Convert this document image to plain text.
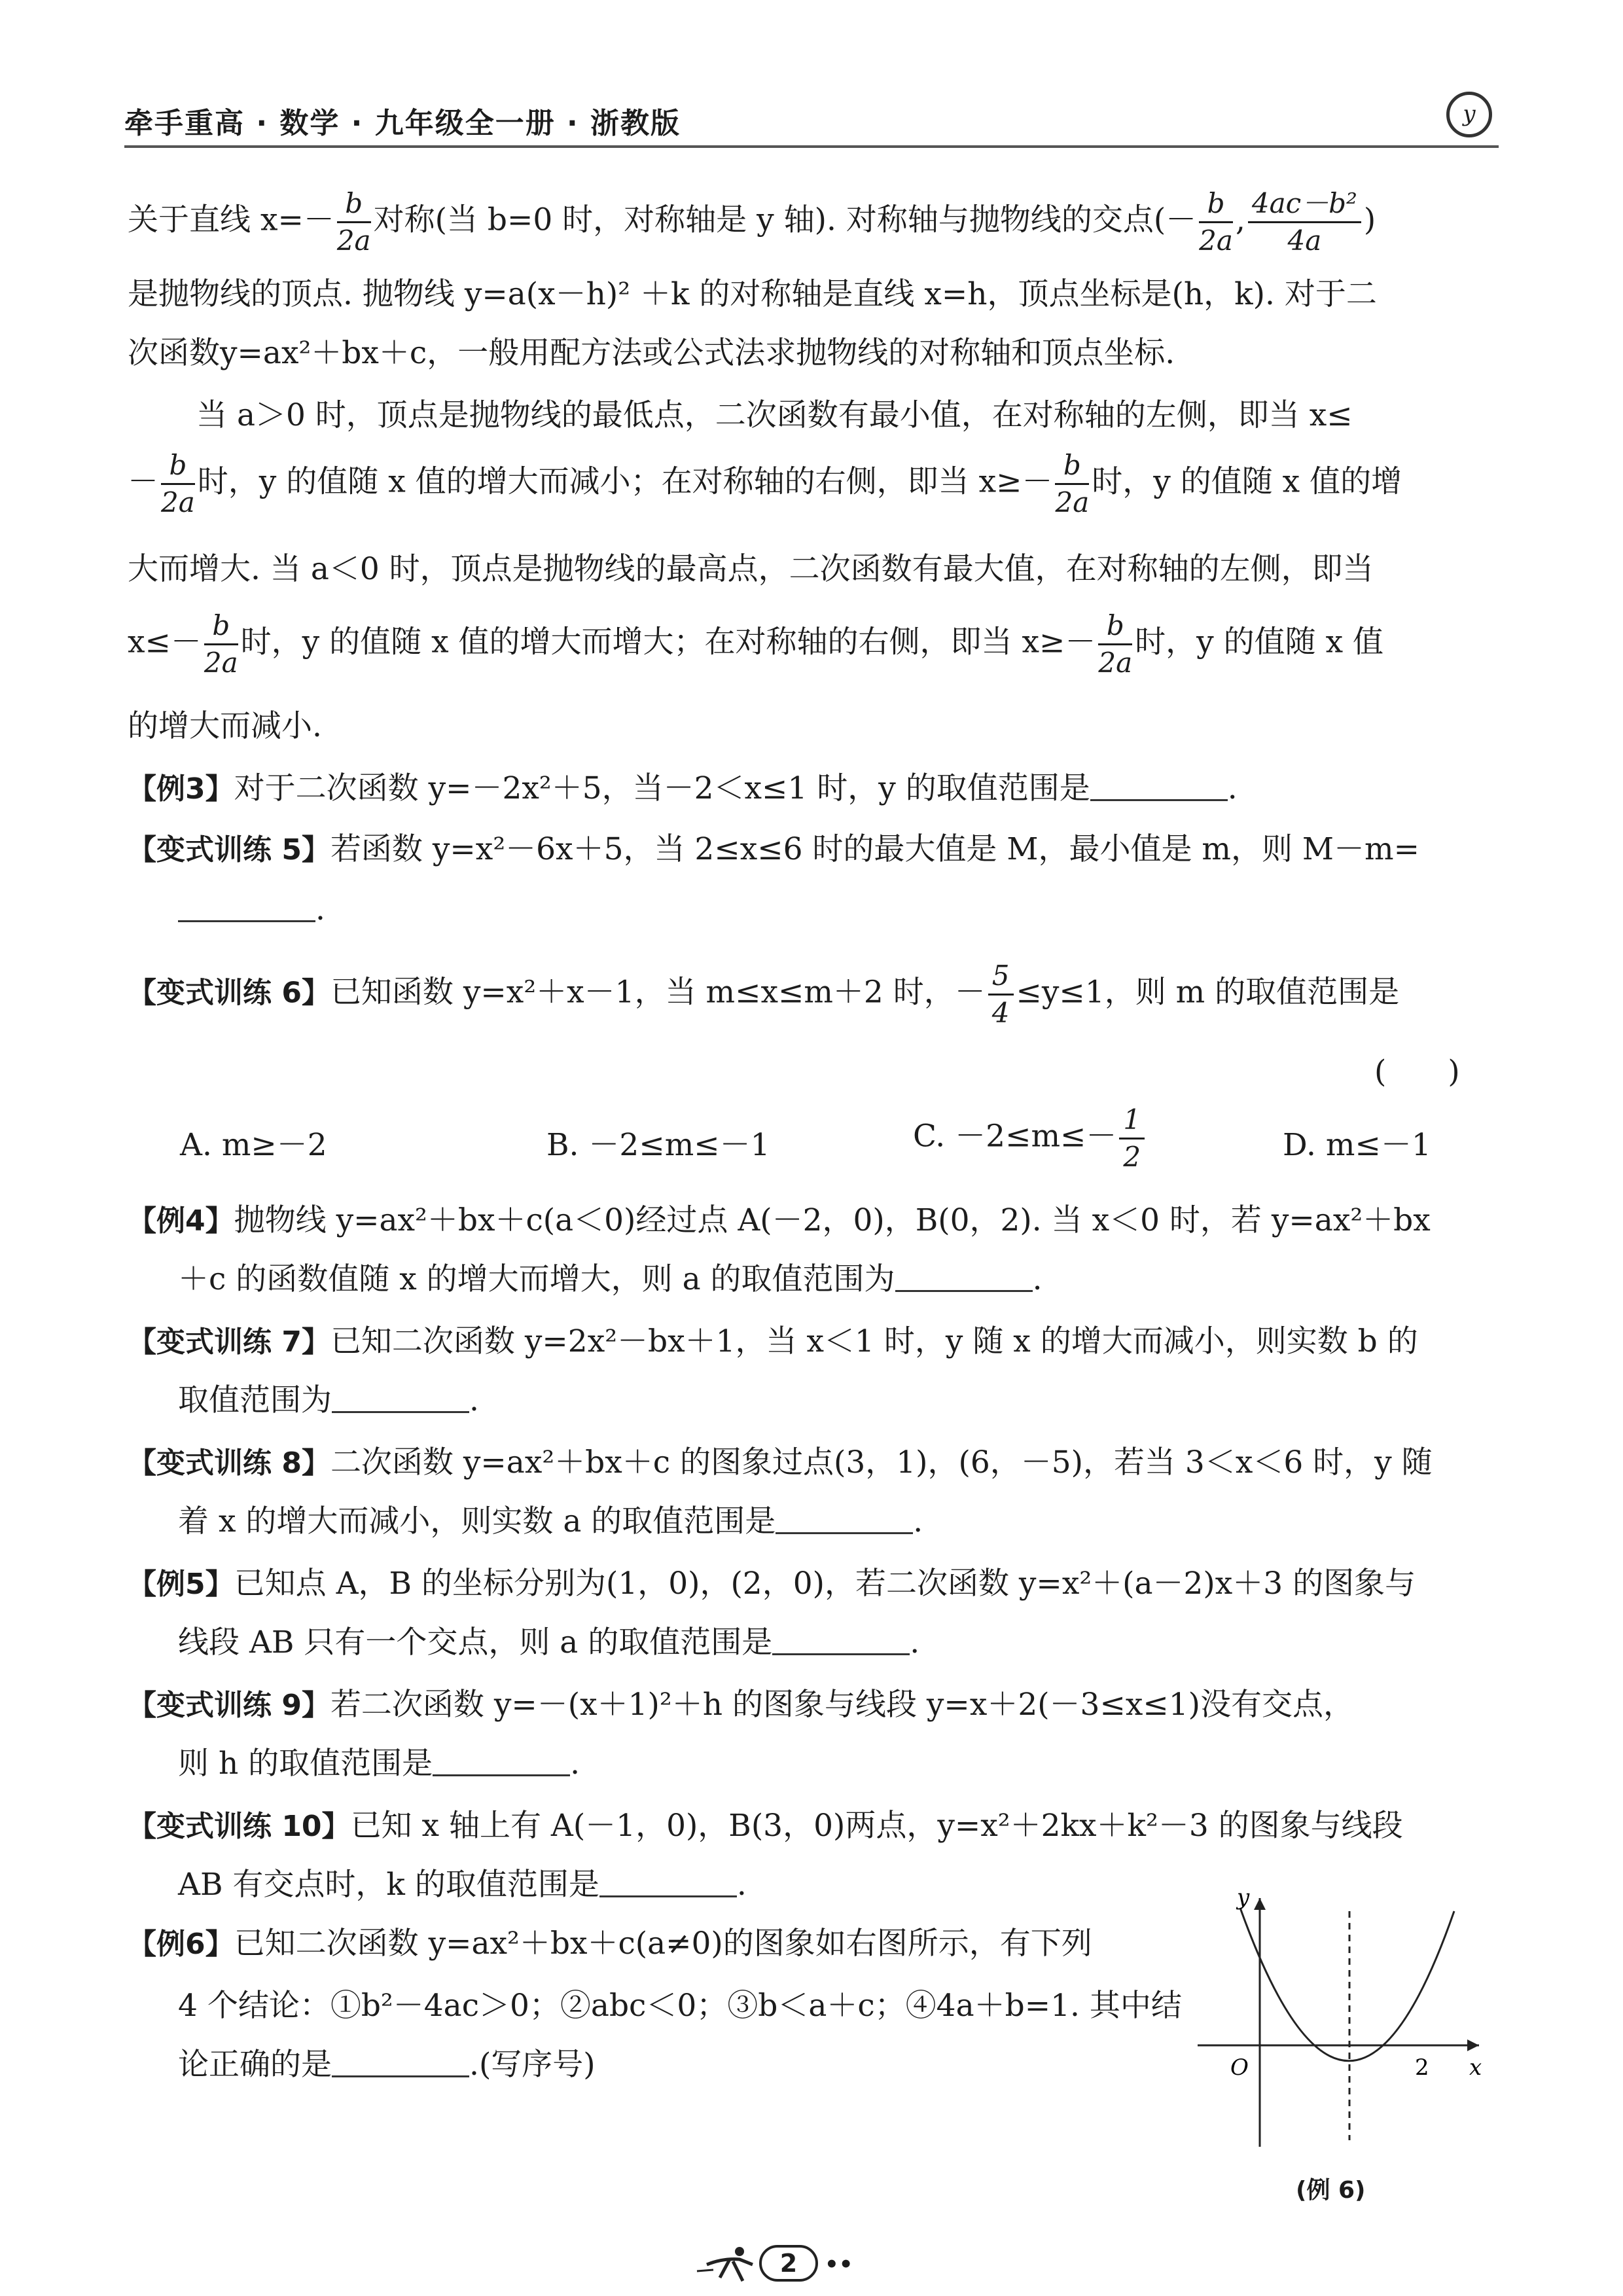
牵手重高 · 数学 · 九年级全一册 · 浙教版	y
关于直线 $x=- \frac{b}{2a}$ 对称(当 b=0 时，对称轴是 y 轴). 对称轴与抛物线的交点(－ $\frac{b}{2a}$ , $\frac{\text{4ac－b²}}{4a}$ )
是抛物线的顶点. 抛物线 y=a(x－h)² ＋k 的对称轴是直线 x=h，顶点坐标是(h，k). 对于二
次函数y=ax²＋bx＋c，一般用配方法或公式法求抛物线的对称轴和顶点坐标.
当 a＞0 时，顶点是抛物线的最低点，二次函数有最小值，在对称轴的左侧，即当 x≤
－ $\frac{b}{2a}$ 时，y 的值随 x 值的增大而减小；在对称轴的右侧，即当 $x\ge- \frac{b}{2a}$ 时，y 的值随 x 值的增
大而增大. 当 a＜0 时，顶点是抛物线的最高点，二次函数有最大值，在对称轴的左侧，即当
$x\le- \frac{b}{2a}$ 时，y 的值随 x 值的增大而增大；在对称轴的右侧，即当 $x\ge- \frac{b}{2a}$ 时，y 的值随 x 值
的增大而减小.
【例3】对于二次函数 y=－2x²＋5，当－2＜x≤1 时，y 的取值范围是	.
【变式训练 5】若函数 y=x²－6x＋5，当 2≤x≤6 时的最大值是 M，最小值是 m，则 M－m=
.
【变式训练 6】已知函数 y=x²＋x－1，当 m≤x≤m＋2 时，－ $\frac{5}{4} \le y\le 1$，则 m 的取值范围是
(　　)
A. m≥－2	B. －2≤m≤－1	C. $-2\le m\le- \frac{1}{2}$	D. m≤－1
【例4】抛物线 y=ax²＋bx＋c(a＜0)经过点 A(－2，0)，B(0，2). 当 x＜0 时，若 y=ax²＋bx
＋c 的函数值随 x 的增大而增大，则 a 的取值范围为	.
【变式训练 7】已知二次函数 y=2x²－bx＋1，当 x＜1 时，y 随 x 的增大而减小，则实数 b 的
取值范围为	.
【变式训练 8】二次函数 y=ax²＋bx＋c 的图象过点(3，1)，(6，－5)，若当 3＜x＜6 时，y 随
着 x 的增大而减小，则实数 a 的取值范围是	.
【例5】已知点 A，B 的坐标分别为(1，0)，(2，0)，若二次函数 y=x²＋(a－2)x＋3 的图象与
线段 AB 只有一个交点，则 a 的取值范围是	.
【变式训练 9】若二次函数 y=－(x＋1)²＋h 的图象与线段 y=x＋2(－3≤x≤1)没有交点，
则 h 的取值范围是	.
【变式训练 10】已知 x 轴上有 A(－1，0)，B(3，0)两点，y=x²＋2kx＋k²－3 的图象与线段
AB 有交点时，k 的取值范围是	.
【例6】已知二次函数 y=ax²＋bx＋c(a≠0)的图象如右图所示，有下列
4 个结论：①b²－4ac＞0；②abc＜0；③b＜a＋c；④4a＋b=1. 其中结
论正确的是	.(写序号)
y
x
O	2
(例 6)
2	••
